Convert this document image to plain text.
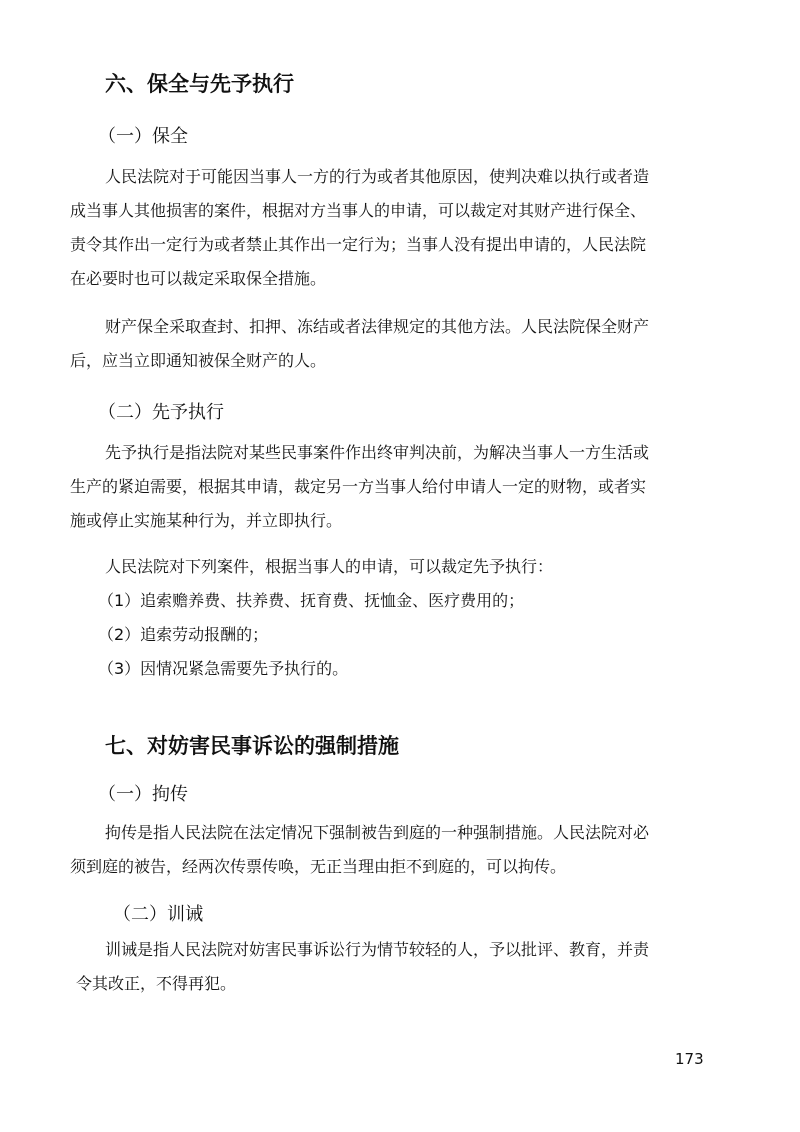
六、保全与先予执行
（一）保全
人民法院对于可能因当事人一方的行为或者其他原因，使判决难以执行或者造
成当事人其他损害的案件，根据对方当事人的申请，可以裁定对其财产进行保全、
责令其作出一定行为或者禁止其作出一定行为；当事人没有提出申请的，人民法院
在必要时也可以裁定采取保全措施。
财产保全采取查封、扣押、冻结或者法律规定的其他方法。人民法院保全财产
后，应当立即通知被保全财产的人。
（二）先予执行
先予执行是指法院对某些民事案件作出终审判决前，为解决当事人一方生活或
生产的紧迫需要，根据其申请，裁定另一方当事人给付申请人一定的财物，或者实
施或停止实施某种行为，并立即执行。
人民法院对下列案件，根据当事人的申请，可以裁定先予执行：
（1）追索赡养费、扶养费、抚育费、抚恤金、医疗费用的；
（2）追索劳动报酬的；
（3）因情况紧急需要先予执行的。
七、对妨害民事诉讼的强制措施
（一）拘传
拘传是指人民法院在法定情况下强制被告到庭的一种强制措施。人民法院对必
须到庭的被告，经两次传票传唤，无正当理由拒不到庭的，可以拘传。
（二）训诫
训诫是指人民法院对妨害民事诉讼行为情节较轻的人，予以批评、教育，并责
令其改正，不得再犯。
173
